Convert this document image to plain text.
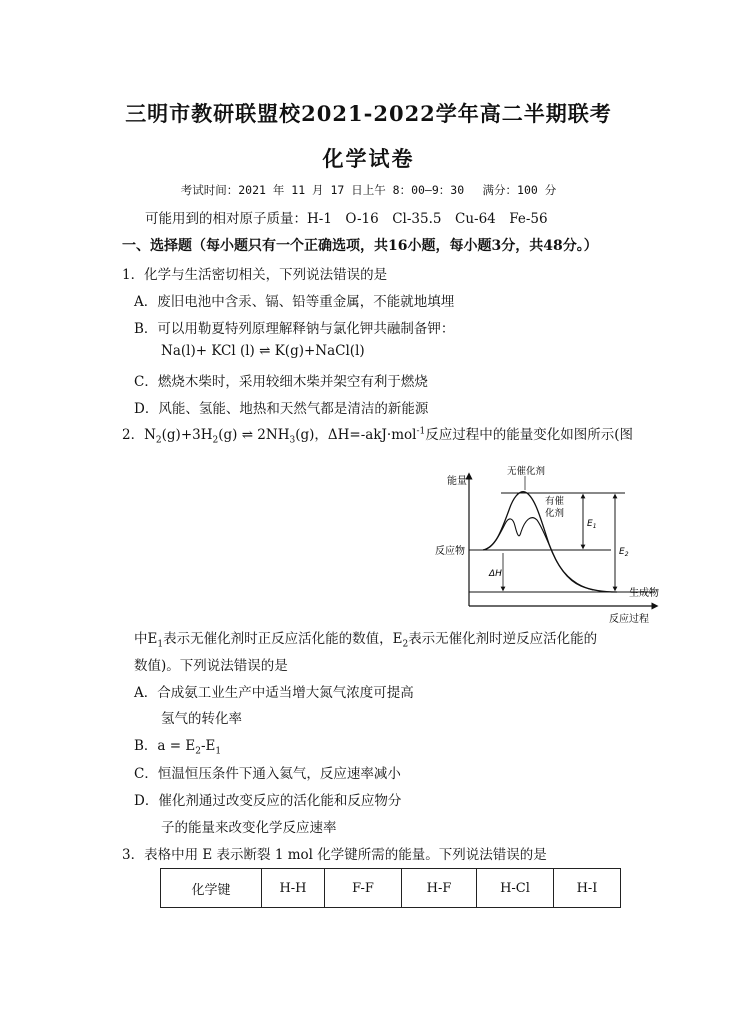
三明市教研联盟校2021-2022学年高二半期联考
化学试卷
考试时间：2021 年 11 月 17 日上午 8：00—9：30　 满分：100 分
可能用到的相对原子质量：H-1　O-16　Cl-35.5　Cu-64　Fe-56
一、选择题（每小题只有一个正确选项，共16小题，每小题3分，共48分。）
1．化学与生活密切相关，下列说法错误的是
A．废旧电池中含汞、镉、铅等重金属，不能就地填埋
B．可以用勒夏特列原理解释钠与氯化钾共融制备钾：
Na(l)+ KCl (l) ⇌ K(g)+NaCl(l)
C．燃烧木柴时，采用较细木柴并架空有利于燃烧
D．风能、氢能、地热和天然气都是清洁的新能源
2．$N_2(g)+3H_2(g)$ ⇌ $2NH_3(g)$，ΔH=-akJ·mol$^{-1}$反应过程中的能量变化如图所示(图
能量
反应过程
无催化剂
有催
化剂
反应物
生成物
$E_1$
$E_2$
ΔH
中$E_1$表示无催化剂时正反应活化能的数值，$E_2$表示无催化剂时逆反应活化能的
数值)。下列说法错误的是
A．合成氨工业生产中适当增大氮气浓度可提高
氢气的转化率
B．$a = E_2-E_1$
C．恒温恒压条件下通入氦气，反应速率减小
D．催化剂通过改变反应的活化能和反应物分
子的能量来改变化学反应速率
3．表格中用 E 表示断裂 1 mol 化学键所需的能量。下列说法错误的是
化学键	H-H	F-F	H-F	H-Cl	H-I
